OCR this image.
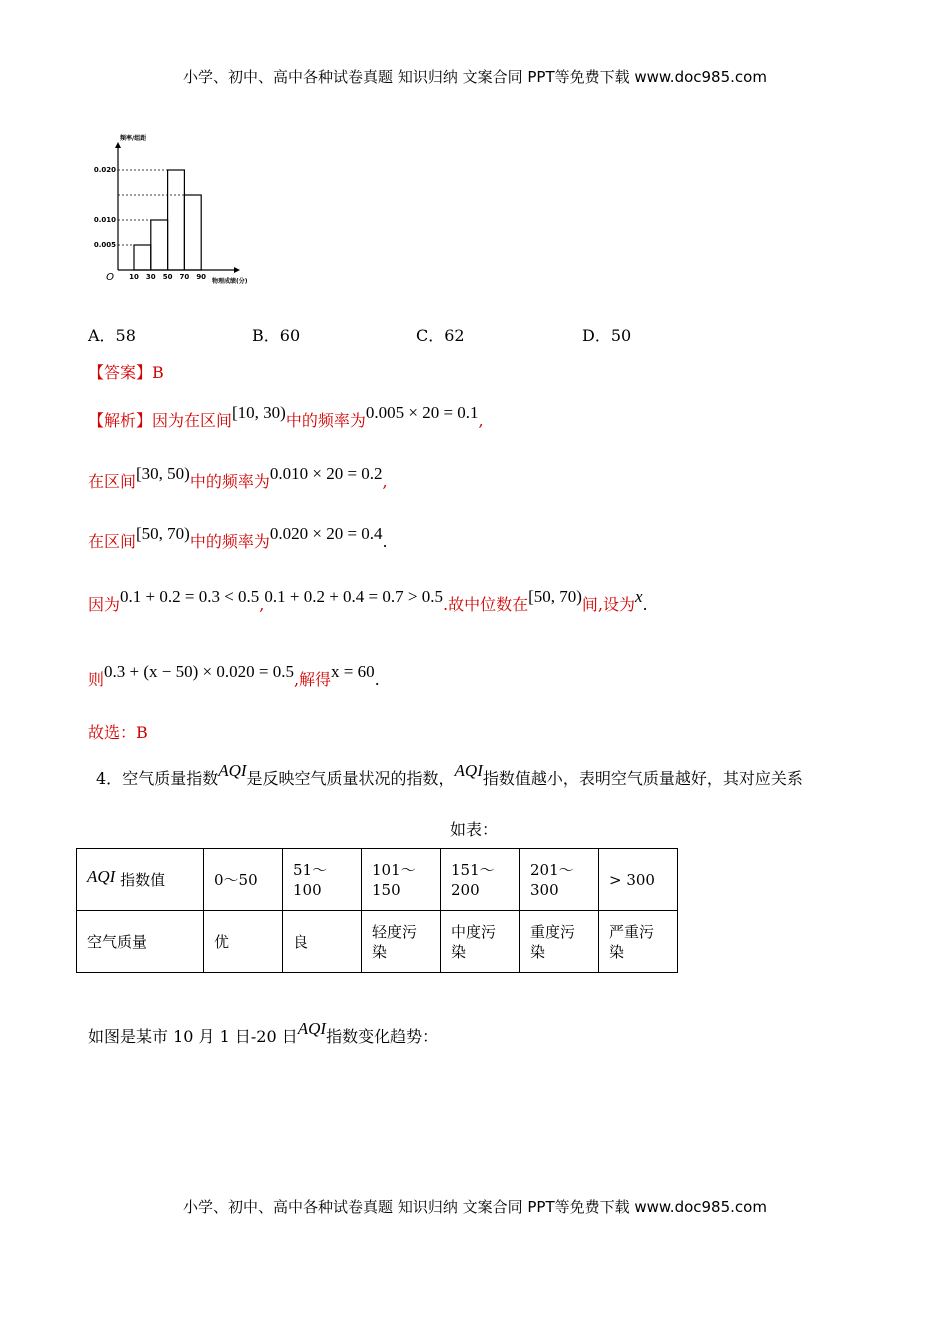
小学、初中、高中各种试卷真题 知识归纳 文案合同 PPT等免费下载 www.doc985.com
0.005
0.010
0.020
10 30 50 70 90
O
频率/组距
物理成绩(分)
A．58	B．60	C．62	D．50
【答案】B
【解析】因为在区间[10, 30)中的频率为0.005 × 20 = 0.1,
在区间[30, 50)中的频率为0.010 × 20 = 0.2,
在区间[50, 70)中的频率为0.020 × 20 = 0.4.
因为0.1 + 0.2 = 0.3 < 0.5,0.1 + 0.2 + 0.4 = 0.7 > 0.5.故中位数在[50, 70)间,设为x.
则0.3 + (x − 50) × 0.020 = 0.5,解得x = 60.
故选：B
4．空气质量指数AQI是反映空气质量状况的指数，AQI指数值越小，表明空气质量越好，其对应关系
如表：
AQI 指数值	0～50	51～100	101～
150	151～
200	201～
300	> 300
空气质量	优	良	轻度污
染	中度污
染	重度污
染	严重污
染
如图是某市 10 月 1 日-20 日AQI指数变化趋势：
小学、初中、高中各种试卷真题 知识归纳 文案合同 PPT等免费下载 www.doc985.com
